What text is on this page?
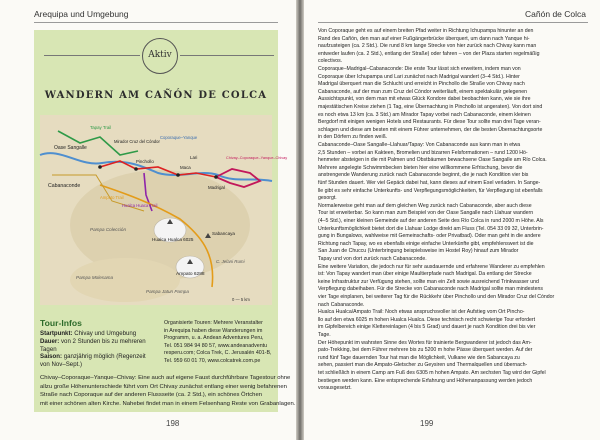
Arequipa und Umgebung
Aktiv
WANDERN AM CAÑÓN DE COLCA
Oase Sangalle
Tapay Trail
Cabanaconde
Mirador Cruz del Cóndor
Pinchollo
Maca
Coporaque–Yanque
Chivay–Coporaque–Yanque–Chivay
Lari
Madrigal
Hualca Huaca Trail
Hualca Hualca 6025
Sabancaya
Ampato 6288
Ampato Trail
Pampa Colección
C. Jelani Rumi
Pampa Molesama
Pampa Jatun Pampa
0 — 5 km
Tour-Infos
Startpunkt: Chivay und Umgebung
Dauer: von 2 Stunden bis zu mehreren Tagen
Saison: ganzjährig möglich (Regenzeit von Nov–Sept.)
Organisierte Touren: Mehrere Veranstalter
in Arequipa haben diese Wanderungen im
Programm, u. a. Andean Adventures Peru,
Tel. 051 984 94 80 57, www.andeanadventu
resperu.com; Colca Trek, C. Jerusalén 401-B,
Tel. 959 60 01 70, www.colcatrek.com.pe
Chivay–Coporaque–Yanque–Chivay: Eine auch auf eigene Faust durchführbare Tagestour ohne
allzu große Höhenunterschiede führt vom Ort Chivay zunächst entlang einer wenig befahrenen
Straße nach Coporaque auf der anderen Flussseite (ca. 2 Std.), ein schönes Örtchen
mit einer schönen alten Kirche. Nahebei findet man in einem Felsenhang Reste von Grabanlagen.
198
Cañón de Colca
199
Von Coporaque geht es auf einem breiten Pfad weiter in Richtung Ichupampa hinunter an den
Rand des Cañón, den man auf einer Fußgängerbrücke überquert, um dann nach Yanque hi-
naufzusteigen (ca. 2 Std.). Die rund 8 km lange Strecke von hier zurück nach Chivay kann man
entweder laufen (ca. 2 Std.), entlang der Straße) oder fahren – von der Plaza starten regelmäßig
colectivos.
Coporaque–Madrigal–Cabanaconde: Die erste Tour lässt sich erweitern, indem man von
Coporaque über Ichupampa und Lari zunächst nach Madrigal wandert (3–4 Std.). Hinter
Madrigal überquert man die Schlucht und erreicht in Pinchollo die Straße von Chivay nach
Cabanaconde, auf der man zum Cruz del Cóndor weiterläuft, einem spektakulär gelegenen
Aussichtspunkt, von dem man mit etwas Glück Kondore dabei beobachten kann, wie sie ihre
majestätischen Kreise ziehen (1 Tag, eine Übernachtung in Pinchollo ist angeraten). Von dort sind
es noch etwa 13 km (ca. 3 Std.) am Mirador Tapay vorbei nach Cabanaconde, einem kleinen
Bergdorf mit einigen wenigen Hotels und Restaurants. Für diese Tour sollte man drei Tage veran-
schlagen und diese am besten mit einem Führer unternehmen, der die besten Übernachtungsorte
in den Dörfern zu finden weiß.
Cabanaconde–Oase Sangalle–Llahuar/Tapay: Von Cabanaconde aus kann man in etwa
2,5 Stunden – vorbei an Kakteen, Bromelien und bizarren Felsformationen – rund 1200 Hö-
henmeter absteigen in die mit Palmen und Obstbäumen bewachsene Oase Sangalle am Río Colca.
Mehrere angelegte Schwimmbecken bieten hier eine willkommene Erfrischung, bevor die
anstrengende Wanderung zurück nach Cabanaconde beginnt, die je nach Kondition vier bis
fünf Stunden dauert. Wer viel Gepäck dabei hat, kann dieses auf einem Esel verladen. In Sange-
lle gibt es sehr einfache Unterkunfts- und Verpflegungsmöglichkeiten, für Verpflegung ist ebenfalls
gesorgt.
Normalerweise geht man auf dem gleichen Weg zurück nach Cabanaconde, aber auch diese
Tour ist erweiterbar. So kann man zum Beispiel von der Oase Sangalle nach Llahuar wandern
(4–5 Std.), einer kleinen Gemeinde auf der anderen Seite des Río Colca in rund 2000 m Höhe. Als
Unterkunftsmöglichkeit bietet dort die Llahuar Lodge direkt am Fluss (Tel. 054 33 09 32, Unterbrin-
gung in Bungalows, wahlweise mit Gemeinschafts- oder Privatbad). Oder man geht in die andere
Richtung nach Tapay, wo es ebenfalls einige einfache Unterkünfte gibt, empfehlenswert ist die
San Juan de Chuccu (Unterbringung beispielsweise im Hostel Roy) hinauf zum Mirador
Tapay und von dort zurück nach Cabanaconde.
Eine weitere Variation, die jedoch nur für sehr ausdauernde und erfahrene Wanderer zu empfehlen
ist: Von Tapay wandert man über einige Maultierpfade nach Madrigal. Da entlang der Strecke
keine Infrastruktur zur Verfügung stehen, sollte man ein Zelt sowie ausreichend Trinkwasser und
Verpflegung dabeihaben. Für die Strecke von Cabanaconde nach Madrigal sollte man mindestens
vier Tage einplanen, bei weiterer Tag für die Rückkehr über Pinchollo und den Mirador Cruz del Cóndor
nach Cabanaconde.
Hualca Hualca/Ampato Trail: Noch etwas anspruchsvoller ist der Aufstieg vom Ort Pincho-
llo auf den etwa 6025 m hohen Hualca Hualca. Diese technisch recht schwierige Tour erfordert
im Gipfelbereich einige Klettereinlagen (4 bis 5 Grad) und dauert je nach Kondition drei bis vier
Tage.
Der Höhepunkt im wahrsten Sinne des Wortes für trainierte Bergwanderer ist jedoch das Am-
pato-Trekking, bei dem Führer mehrere bis zu 5200 m hohe Pässe überquert werden. Auf der
rund fünf Tage dauernden Tour hat man die Möglichkeit, Vulkane wie den Sabancaya zu
sehen, passiert man die Ampato-Gletscher zu Geysiren und Thermalquellen und übernach-
tet schließlich in einem Camp am Fuß des 6305 m hohen Ampato. Am sechsten Tag wird der Gipfel
bestiegen werden kann. Eine entsprechende Erfahrung und Höhenanpassung werden jedoch
vorausgesetzt.
